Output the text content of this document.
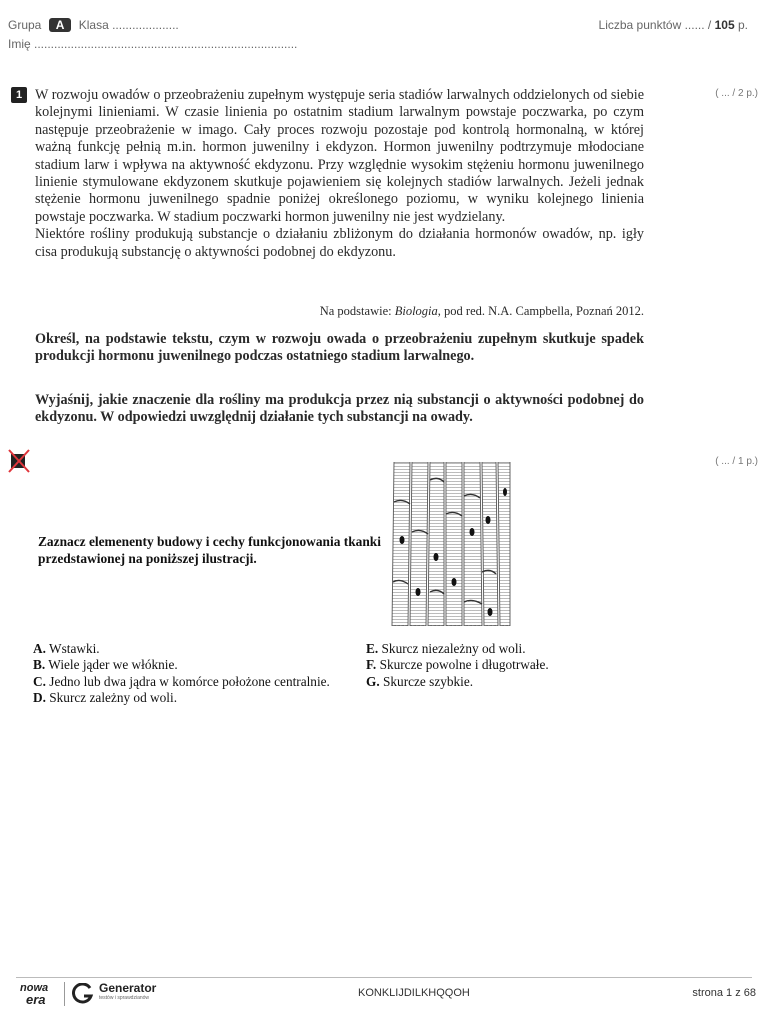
Grupa A Klasa ....................
Imię ...............................................................................
Liczba punktów ...... / 105 p.
1	( ... / 2 p.)

W rozwoju owadów o przeobrażeniu zupełnym występuje seria stadiów larwalnych oddzielonych od siebie kolejnymi linieniami. W czasie linienia po ostatnim stadium larwalnym powstaje poczwarka, po czym następuje przeobrażenie w imago. Cały proces rozwoju pozostaje pod kontrolą hormonalną, w której ważną funkcję pełnią m.in. hormon juwenilny i ekdyzon. Hormon juwenilny podtrzymuje młodociane stadium larw i wpływa na aktywność ekdyzonu. Przy względnie wysokim stężeniu hormonu juwenilnego linienie stymulowane ekdyzonem skutkuje pojawieniem się kolejnych stadiów larwalnych. Jeżeli jednak stężenie hormonu juwenilnego spadnie poniżej określonego poziomu, w wyniku kolejnego linienia powstaje poczwarka. W stadium poczwarki hormon juwenilny nie jest wydzielany.

Niektóre rośliny produkują substancje o działaniu zbliżonym do działania hormonów owadów, np. igły cisa produkują substancję o aktywności podobnej do ekdyzonu.

Na podstawie: Biologia, pod red. N.A. Campbella, Poznań 2012.
Określ, na podstawie tekstu, czym w rozwoju owada o przeobrażeniu zupełnym skutkuje spadek produkcji hormonu juwenilnego podczas ostatniego stadium larwalnego.
Wyjaśnij, jakie znaczenie dla rośliny ma produkcja przez nią substancji o aktywności podobnej do ekdyzonu. W odpowiedzi uwzględnij działanie tych substancji na owady.
( ... / 1 p.)
Zaznacz elemenenty budowy i cechy funkcjonowania tkanki przedstawionej na poniższej ilustracji.
A. Wstawki.
B. Wiele jąder we włóknie.
C. Jedno lub dwa jądra w komórce położone centralnie.
D. Skurcz zależny od woli.
E. Skurcz niezależny od woli.
F. Skurcze powolne i długotrwałe.
G. Skurcze szybkie.
nowa
era
Generator
testów i sprawdzianów	KONKLIJDILKHQQOH	strona 1 z 68
